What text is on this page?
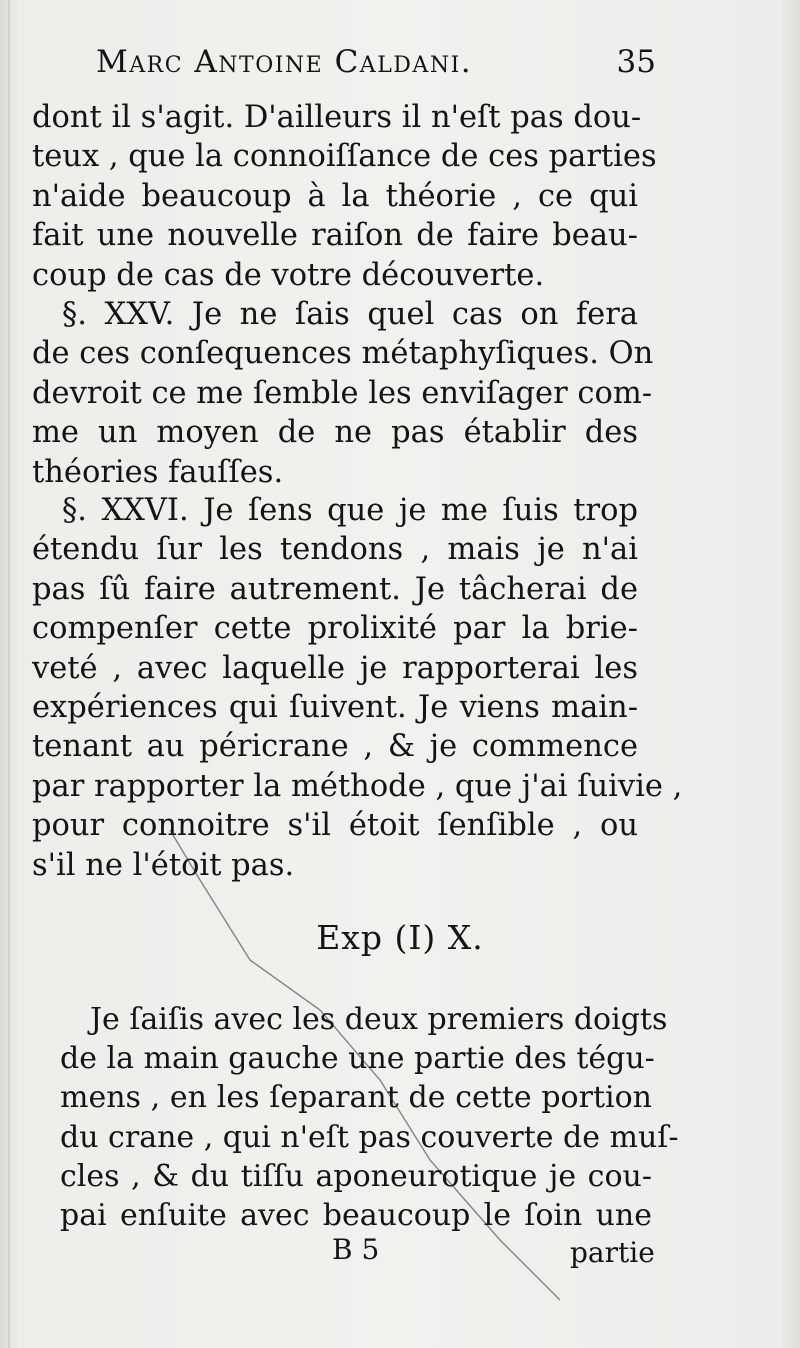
Marc Antoine Caldani.	35
dont il s'agit. D'ailleurs il n'eſt pas dou-
teux , que la connoiſſance de ces parties
n'aide beaucoup à la théorie , ce qui
fait une nouvelle raiſon de faire beau-
coup de cas de votre découverte.
§. XXV. Je ne ſais quel cas on fera
de ces conſequences métaphyſiques. On
devroit ce me ſemble les enviſager com-
me un moyen de ne pas établir des
théories fauſſes.
§. XXVI. Je ſens que je me ſuis trop
étendu ſur les tendons , mais je n'ai
pas ſû faire autrement. Je tâcherai de
compenſer cette prolixité par la brie-
veté , avec laquelle je rapporterai les
expériences qui ſuivent. Je viens main-
tenant au péricrane , & je commence
par rapporter la méthode , que j'ai ſuivie ,
pour connoitre s'il étoit ſenſible , ou
s'il ne l'étoit pas.
Exp (I) X.
Je ſaiſis avec les deux premiers doigts
de la main gauche une partie des tégu-
mens , en les ſeparant de cette portion
du crane , qui n'eſt pas couverte de muſ-
cles , & du tiſſu aponeurotique je cou-
pai enſuite avec beaucoup le ſoin une
B 5	partie
